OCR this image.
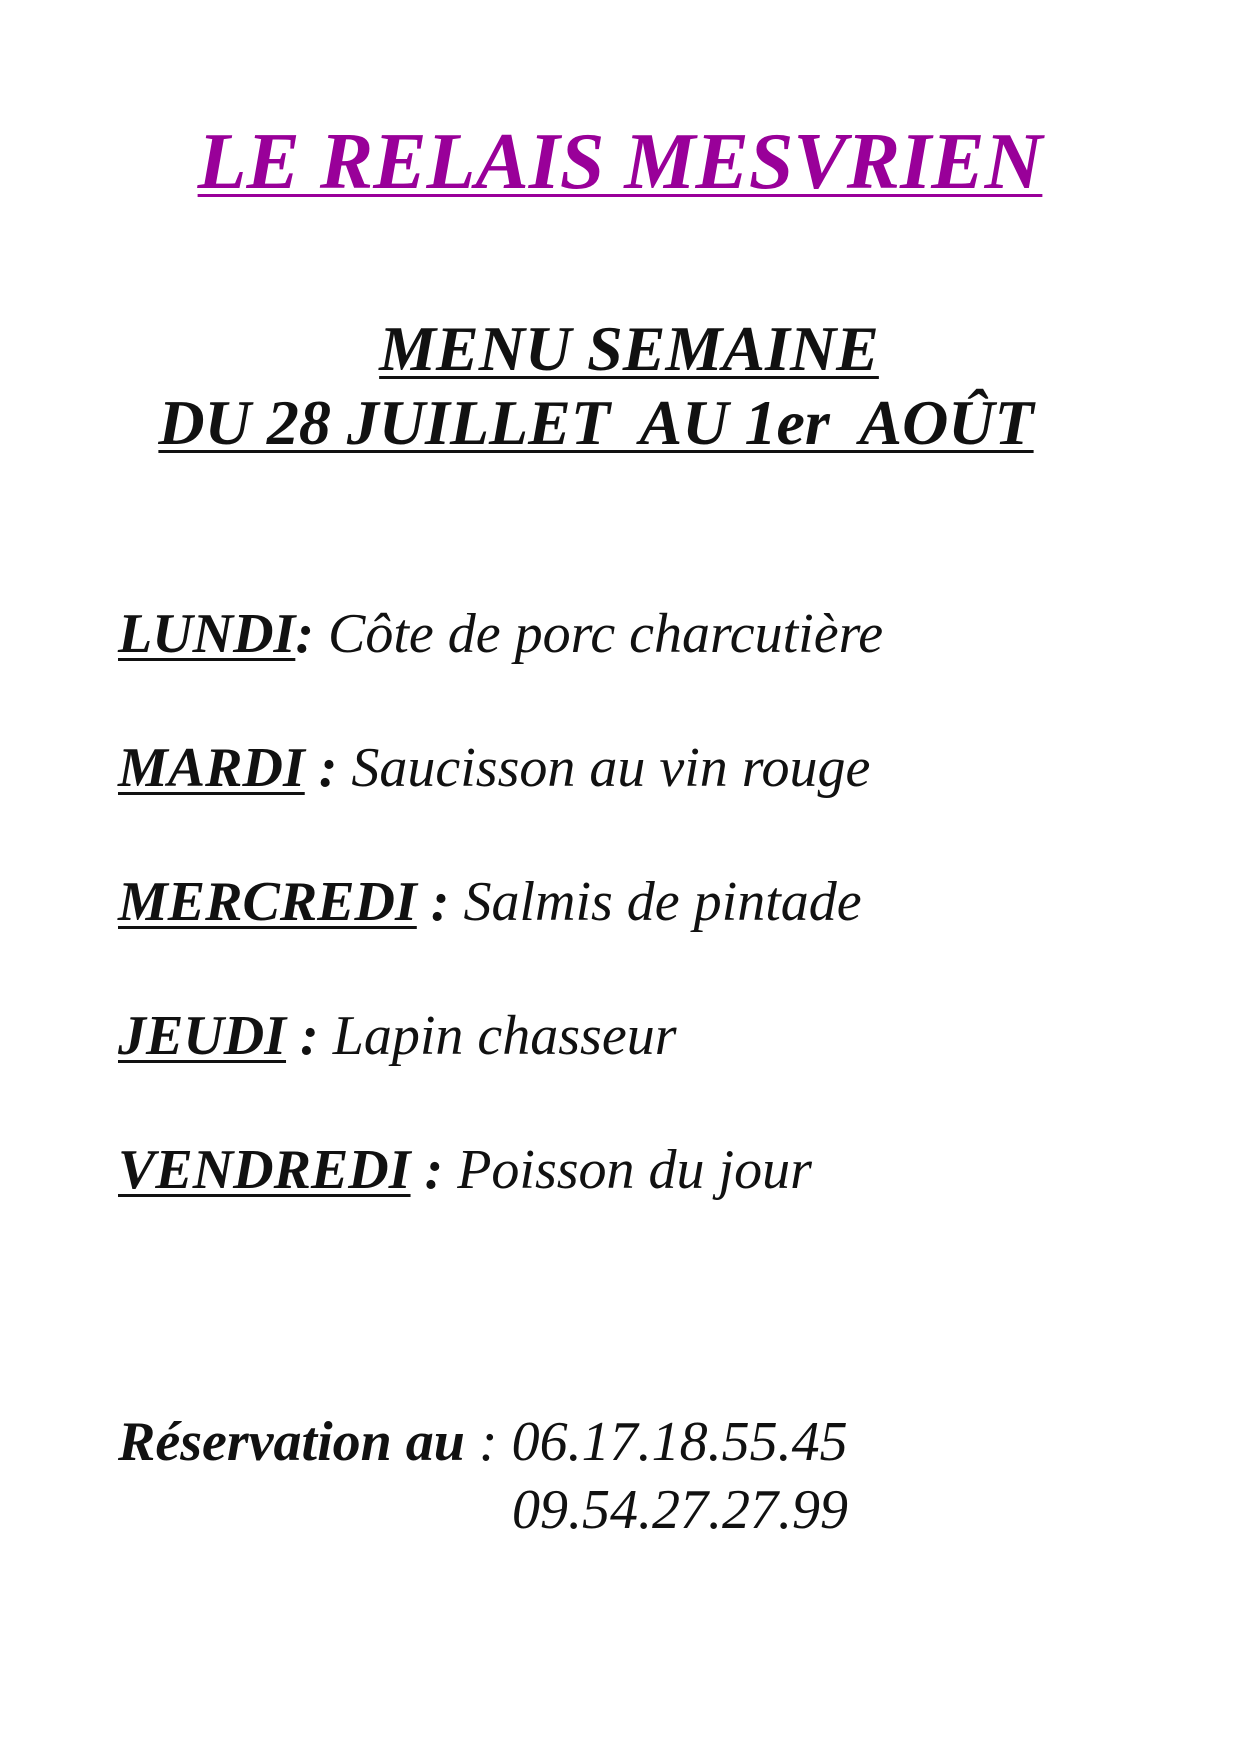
LE RELAIS MESVRIEN
MENU SEMAINE
DU 28 JUILLET  AU 1er  AOÛT
LUNDI: Côte de porc charcutière
MARDI : Saucisson au vin rouge
MERCREDI : Salmis de pintade
JEUDI : Lapin chasseur
VENDREDI : Poisson du jour
Réservation au : 06.17.18.55.45
09.54.27.27.99
